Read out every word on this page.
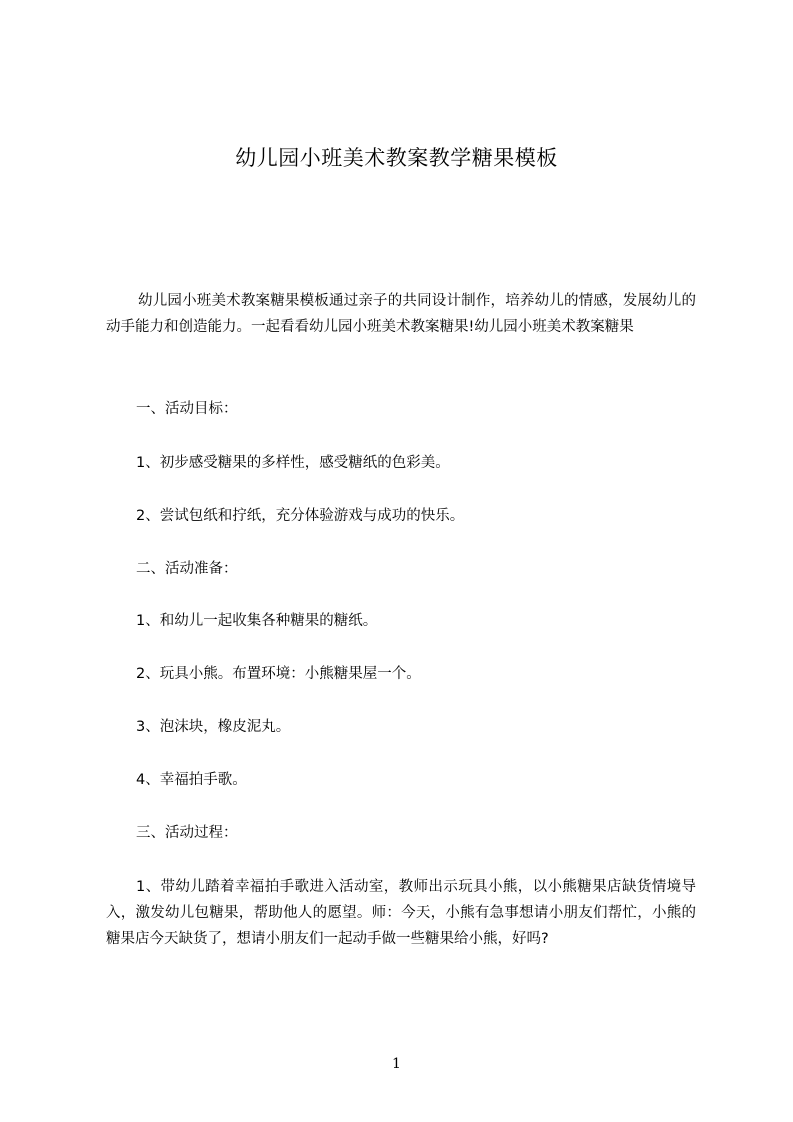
幼儿园小班美术教案教学糖果模板
幼儿园小班美术教案糖果模板通过亲子的共同设计制作，培养幼儿的情感，发展幼儿的动手能力和创造能力。一起看看幼儿园小班美术教案糖果!幼儿园小班美术教案糖果
一、活动目标：
1、初步感受糖果的多样性，感受糖纸的色彩美。
2、尝试包纸和拧纸，充分体验游戏与成功的快乐。
二、活动准备：
1、和幼儿一起收集各种糖果的糖纸。
2、玩具小熊。布置环境：小熊糖果屋一个。
3、泡沫块，橡皮泥丸。
4、幸福拍手歌。
三、活动过程：
1、带幼儿踏着幸福拍手歌进入活动室，教师出示玩具小熊，以小熊糖果店缺货情境导入，激发幼儿包糖果，帮助他人的愿望。师：今天，小熊有急事想请小朋友们帮忙，小熊的糖果店今天缺货了，想请小朋友们一起动手做一些糖果给小熊，好吗?
1
